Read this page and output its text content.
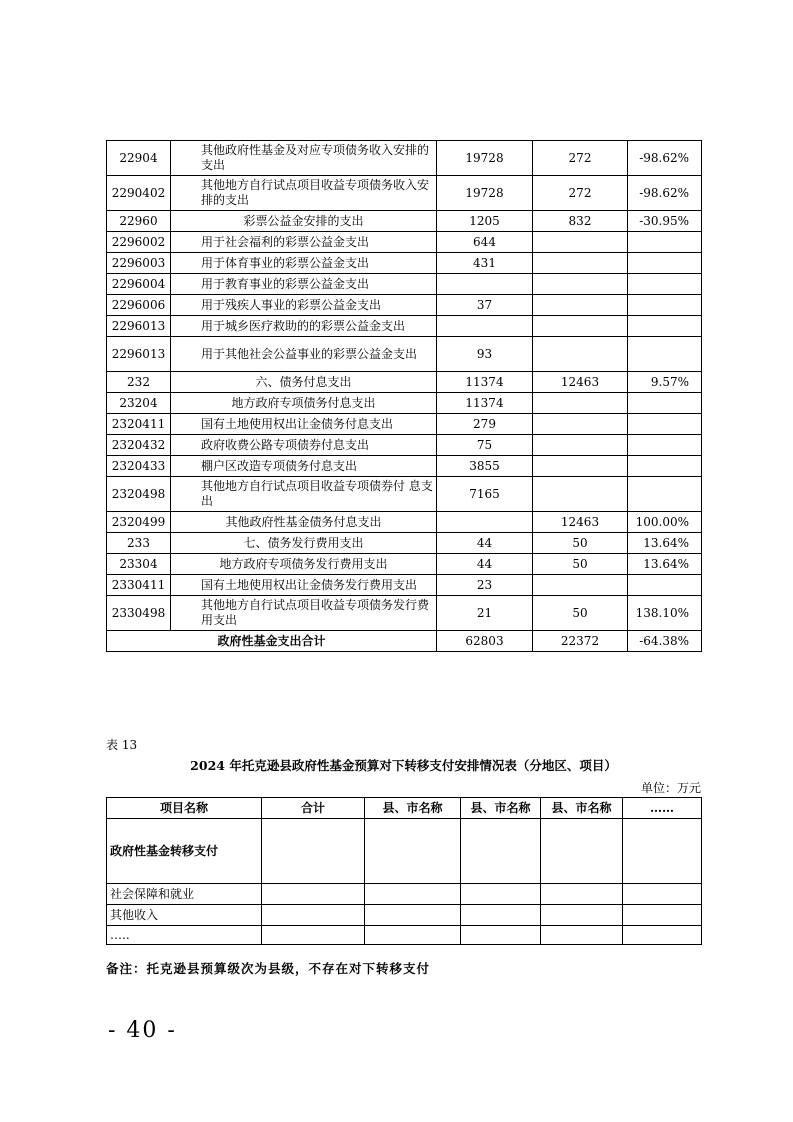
22904	其他政府性基金及对应专项债务收入安排的支出	19728	272	-98.62%
2290402	其他地方自行试点项目收益专项债务收入安排的支出	19728	272	-98.62%
22960	彩票公益金安排的支出	1205	832	-30.95%
2296002	用于社会福利的彩票公益金支出	644		
2296003	用于体育事业的彩票公益金支出	431		
2296004	用于教育事业的彩票公益金支出			
2296006	用于残疾人事业的彩票公益金支出	37		
2296013	用于城乡医疗救助的的彩票公益金支出			
2296013	用于其他社会公益事业的彩票公益金支出	93		
232	六、债务付息支出	11374	12463	9.57%
23204	地方政府专项债务付息支出	11374		
2320411	国有土地使用权出让金债务付息支出	279		
2320432	政府收费公路专项债券付息支出	75		
2320433	棚户区改造专项债务付息支出	3855		
2320498	其他地方自行试点项目收益专项债券付 息支出	7165		
2320499	其他政府性基金债务付息支出		12463	100.00%
233	七、债务发行费用支出	44	50	13.64%
23304	地方政府专项债务发行费用支出	44	50	13.64%
2330411	国有土地使用权出让金债务发行费用支出	23		
2330498	其他地方自行试点项目收益专项债务发行费用支出	21	50	138.10%
政府性基金支出合计		62803	22372	-64.38%
表 13
2024 年托克逊县政府性基金预算对下转移支付安排情况表（分地区、项目）
单位：万元
项目名称	合计	县、市名称	县、市名称	县、市名称	……
政府性基金转移支付					
社会保障和就业					
其他收入					
…..					
备注：托克逊县预算级次为县级，不存在对下转移支付
- 40 -
